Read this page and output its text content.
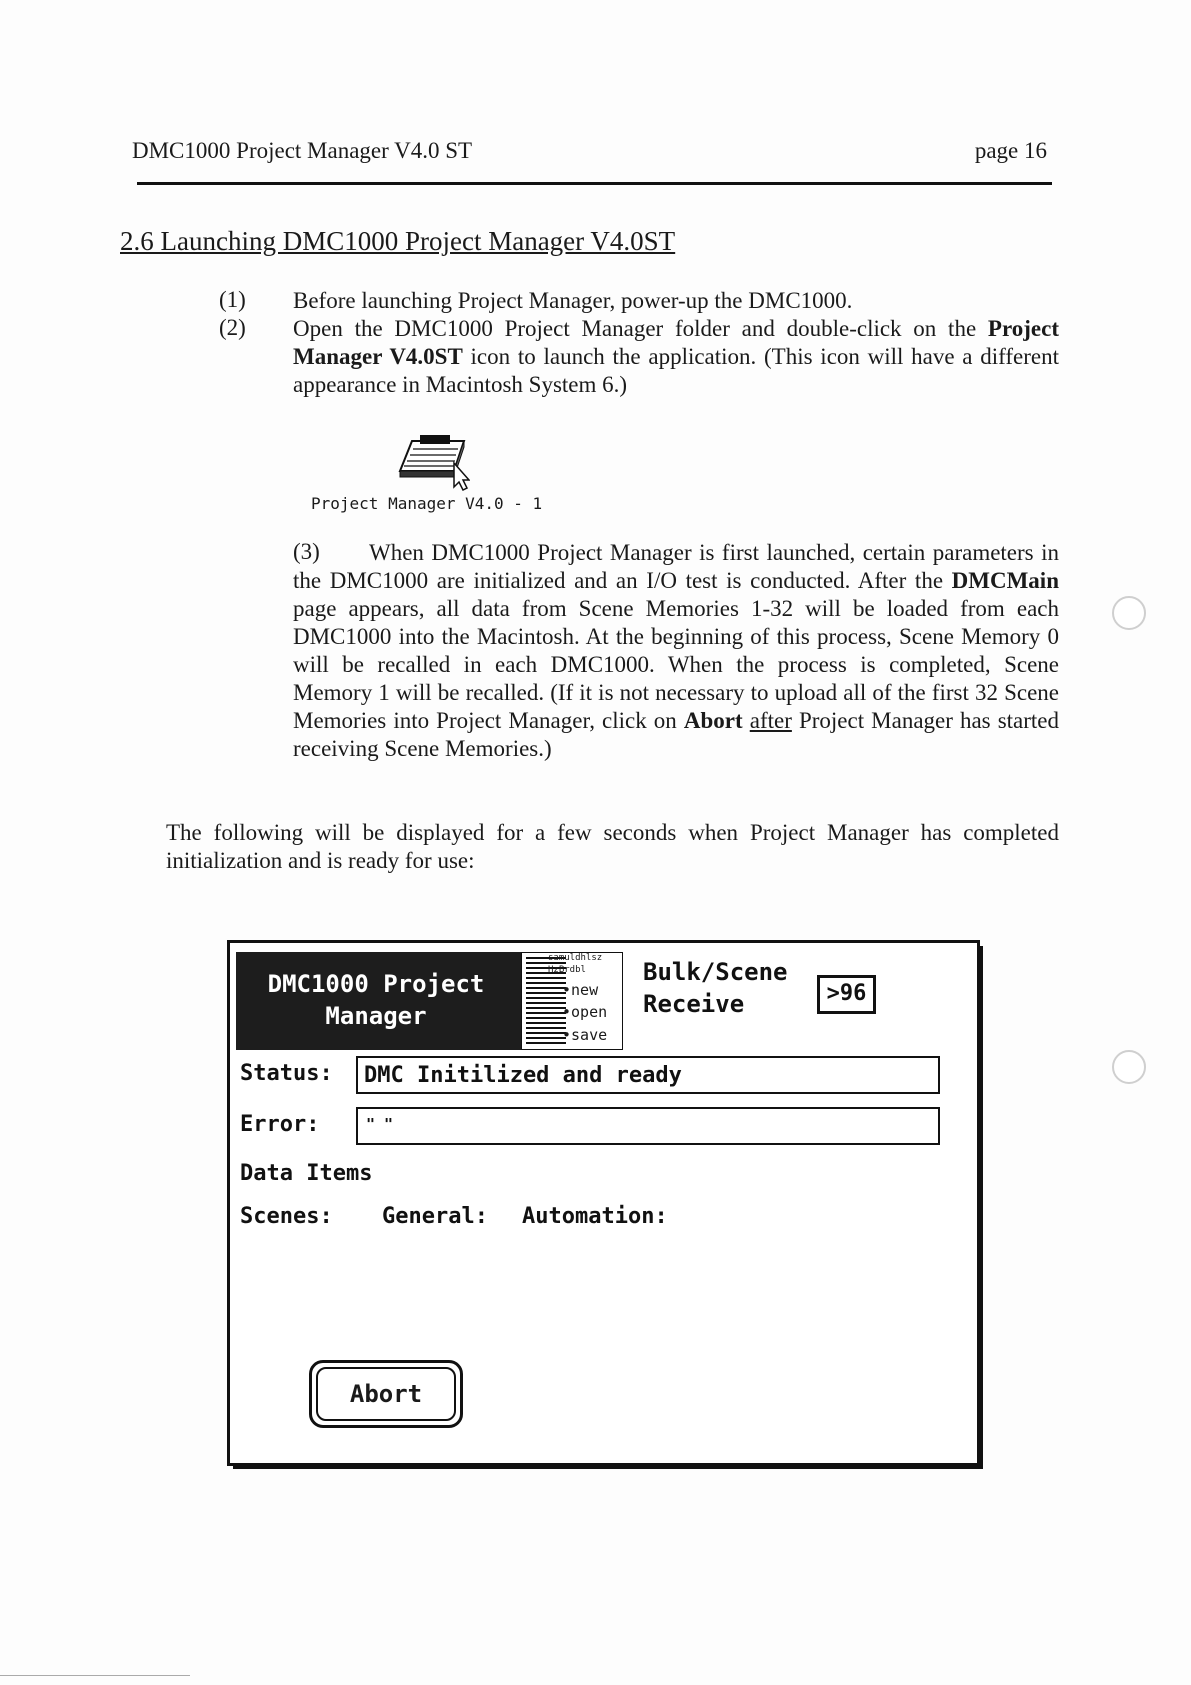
DMC1000 Project Manager V4.0 ST	page 16
2.6 Launching DMC1000 Project Manager V4.0ST
(1) Before launching Project Manager, power-up the DMC1000.
(2) Open the DMC1000 Project Manager folder and double-click on the Project Manager V4.0ST icon to launch the application. (This icon will have a different appearance in Macintosh System 6.)
Project Manager V4.0 - 1
(3)	When DMC1000 Project Manager is first launched, certain parameters in the DMC1000 are initialized and an I/O test is conducted. After the DMCMain page appears, all data from Scene Memories 1-32 will be loaded from each DMC1000 into the Macintosh. At the beginning of this process, Scene Memory 0 will be recalled in each DMC1000. When the process is completed, Scene Memory 1 will be recalled. (If it is not necessary to upload all of the first 32 Scene Memories into Project Manager, click on Abort after Project Manager has started receiving Scene Memories.)
The following will be displayed for a few seconds when Project Manager has completed initialization and is ready for use:
DMC1000 Project
Manager
samuldhlsz
HzBrdbl
•new
•open
•save
Bulk/Scene
Receive	>96
Status:	DMC Initilized and ready
Error:	" "
Data Items
Scenes: General: Automation:
Abort
